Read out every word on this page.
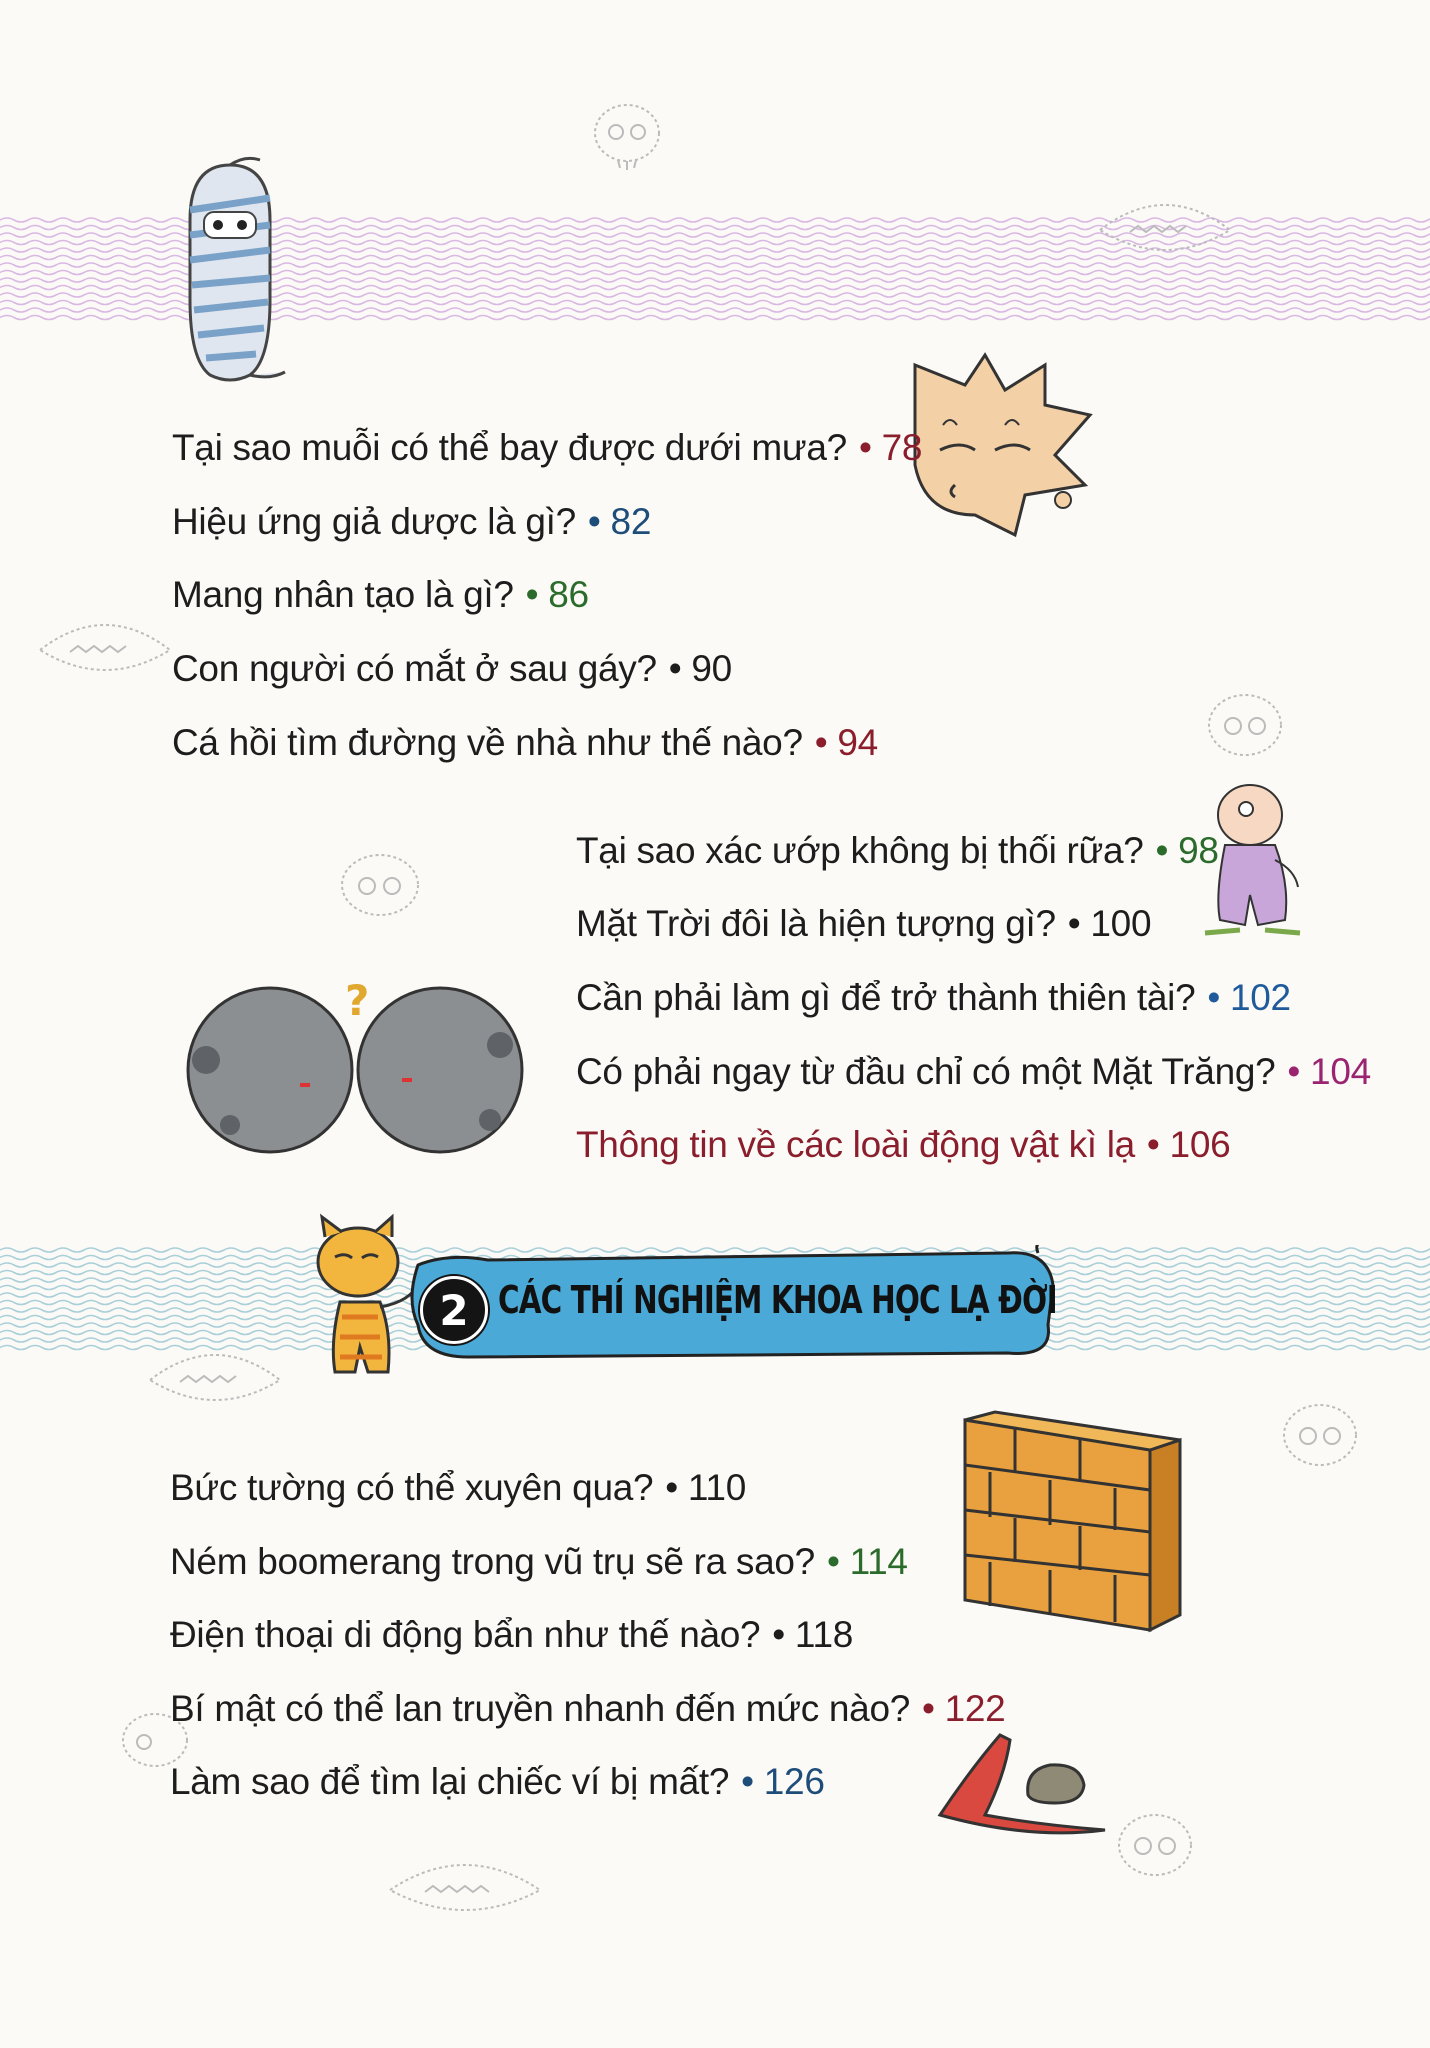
?
2 CÁC THÍ NGHIỆM KHOA HỌC LẠ ĐỜI
Tại sao muỗi có thể bay được dưới mưa? • 78
Hiệu ứng giả dược là gì? • 82
Mang nhân tạo là gì? • 86
Con người có mắt ở sau gáy? • 90
Cá hồi tìm đường về nhà như thế nào? • 94
Tại sao xác ướp không bị thối rữa? • 98
Mặt Trời đôi là hiện tượng gì? • 100
Cần phải làm gì để trở thành thiên tài? • 102
Có phải ngay từ đầu chỉ có một Mặt Trăng? • 104
Thông tin về các loài động vật kì lạ • 106
Bức tường có thể xuyên qua? • 110
Ném boomerang trong vũ trụ sẽ ra sao? • 114
Điện thoại di động bẩn như thế nào? • 118
Bí mật có thể lan truyền nhanh đến mức nào? • 122
Làm sao để tìm lại chiếc ví bị mất? • 126
